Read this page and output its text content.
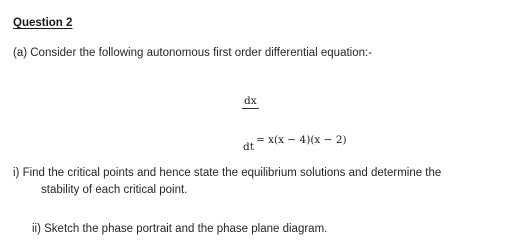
Question 2
(a) Consider the following autonomous first order differential equation:-
dx
= x(x − 4)(x − 2)
dt
i) Find the critical points and hence state the equilibrium solutions and determine the
stability of each critical point.
ii) Sketch the phase portrait and the phase plane diagram.
